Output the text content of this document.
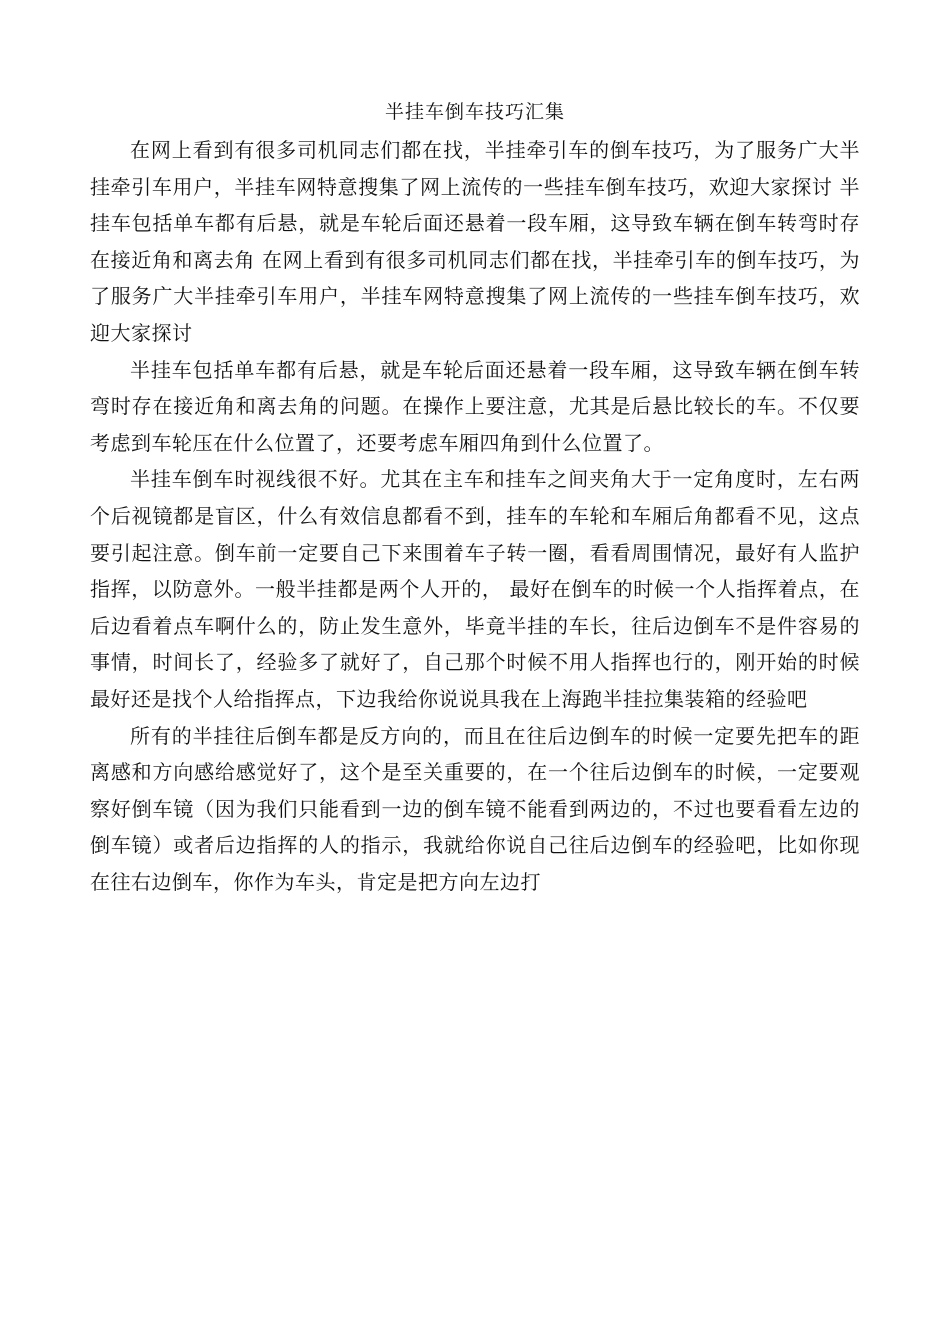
半挂车倒车技巧汇集

在网上看到有很多司机同志们都在找，半挂牵引车的倒车技巧，为了服务广大半挂牵引车用户，半挂车网特意搜集了网上流传的一些挂车倒车技巧，欢迎大家探讨 半挂车包括单车都有后悬，就是车轮后面还悬着一段车厢，这导致车辆在倒车转弯时存在接近角和离去角 在网上看到有很多司机同志们都在找，半挂牵引车的倒车技巧，为了服务广大半挂牵引车用户，半挂车网特意搜集了网上流传的一些挂车倒车技巧，欢迎大家探讨

半挂车包括单车都有后悬，就是车轮后面还悬着一段车厢，这导致车辆在倒车转弯时存在接近角和离去角的问题。在操作上要注意，尤其是后悬比较长的车。不仅要考虑到车轮压在什么位置了，还要考虑车厢四角到什么位置了。

半挂车倒车时视线很不好。尤其在主车和挂车之间夹角大于一定角度时，左右两个后视镜都是盲区，什么有效信息都看不到，挂车的车轮和车厢后角都看不见，这点要引起注意。倒车前一定要自己下来围着车子转一圈，看看周围情况，最好有人监护指挥，以防意外。一般半挂都是两个人开的， 最好在倒车的时候一个人指挥着点，在后边看着点车啊什么的，防止发生意外，毕竟半挂的车长，往后边倒车不是件容易的事情，时间长了，经验多了就好了，自己那个时候不用人指挥也行的，刚开始的时候最好还是找个人给指挥点，下边我给你说说具我在上海跑半挂拉集装箱的经验吧

所有的半挂往后倒车都是反方向的，而且在往后边倒车的时候一定要先把车的距离感和方向感给感觉好了，这个是至关重要的，在一个往后边倒车的时候，一定要观察好倒车镜（因为我们只能看到一边的倒车镜不能看到两边的，不过也要看看左边的倒车镜）或者后边指挥的人的指示，我就给你说自己往后边倒车的经验吧，比如你现在往右边倒车，你作为车头，肯定是把方向左边打
